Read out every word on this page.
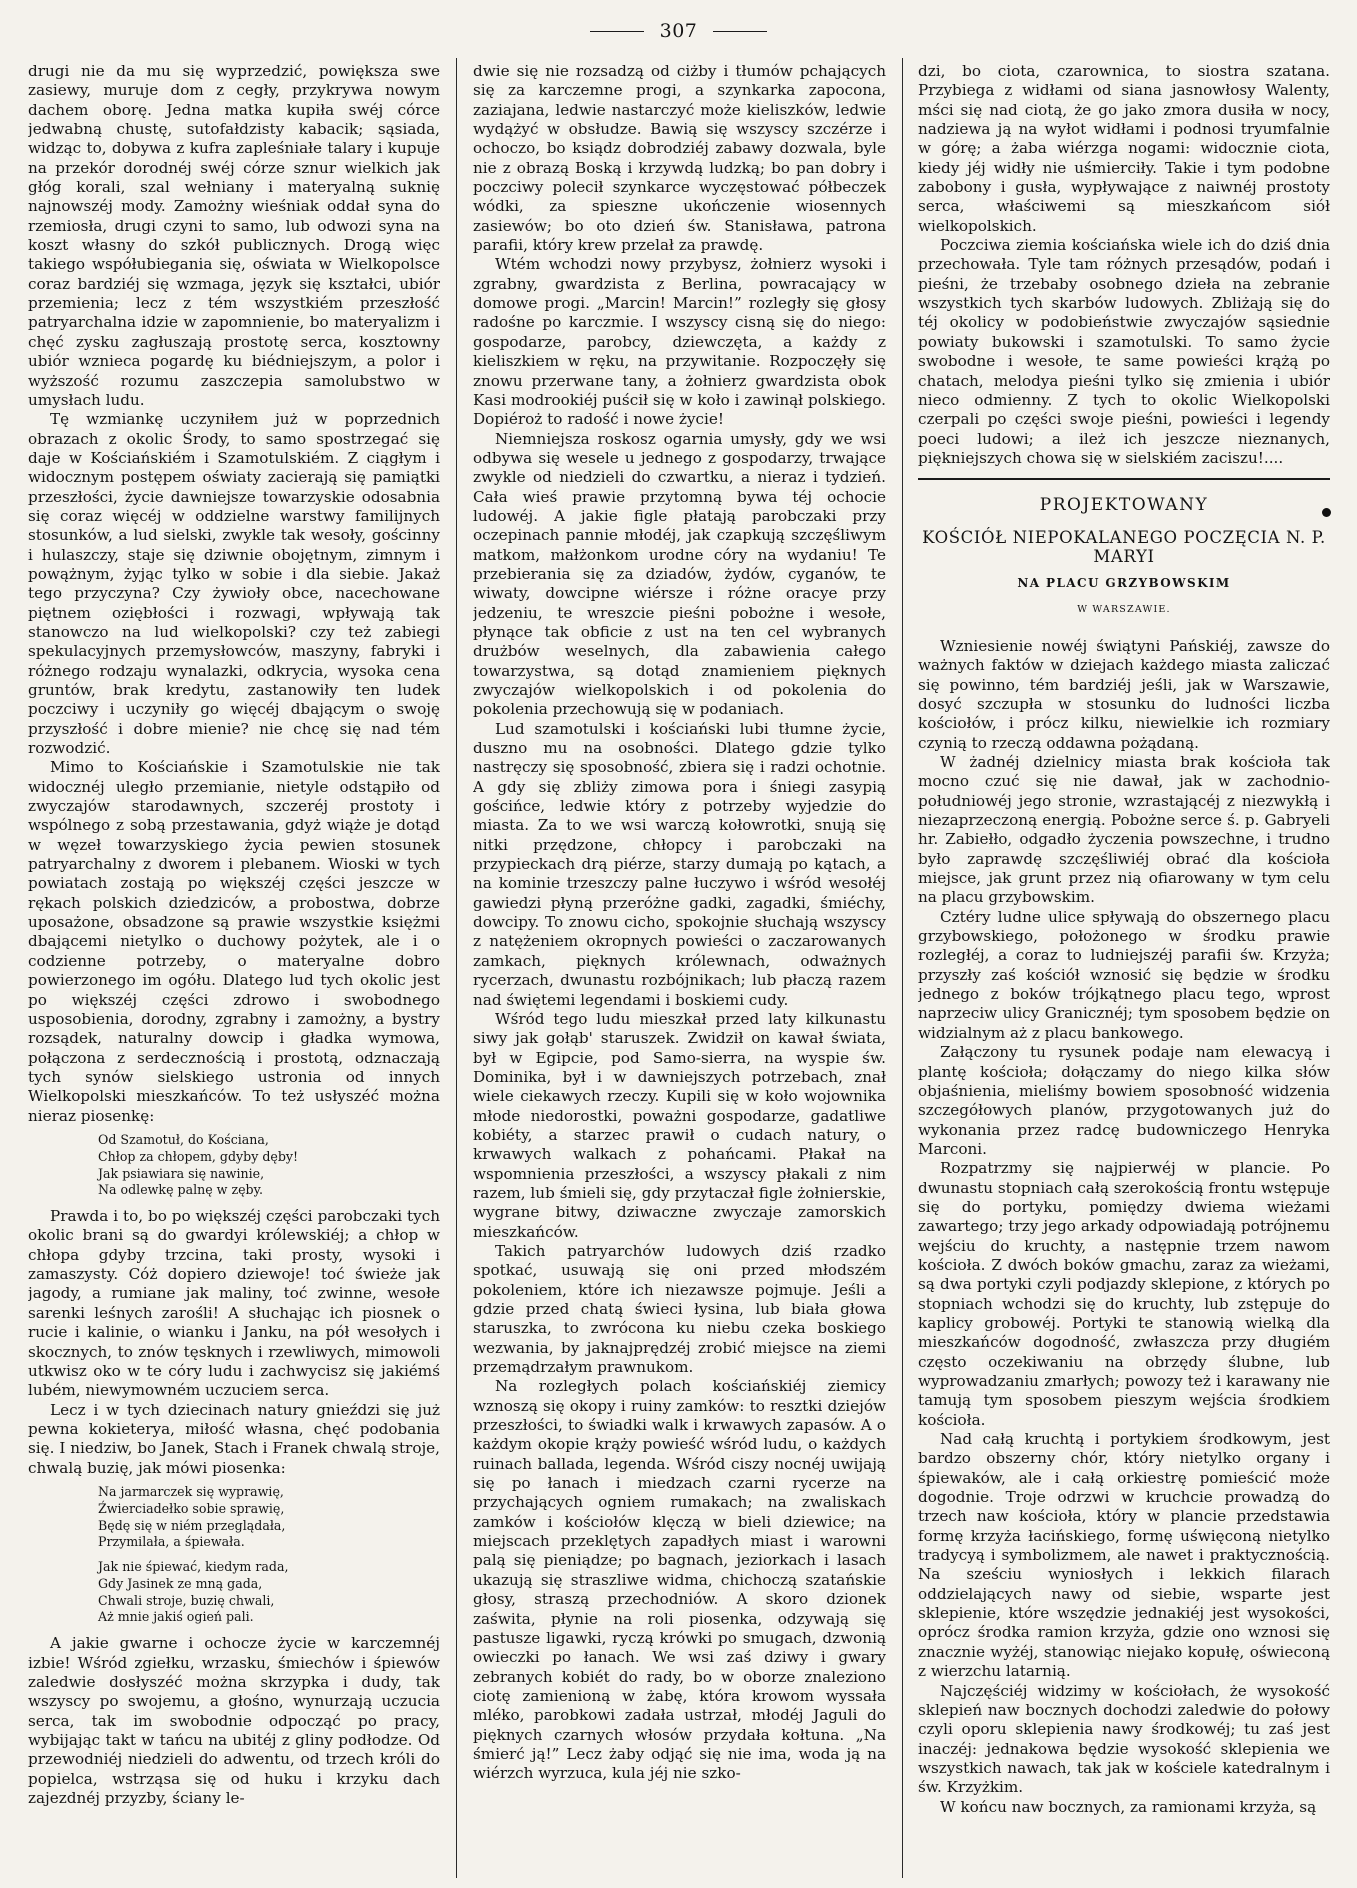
307

drugi nie da mu się wyprzedzić, powiększa swe zasiewy, muruje dom z cegły, przykrywa nowym dachem oborę. Jedna matka kupiła swéj córce jedwabną chustę, sutofałdzisty kabacik; sąsiada, widząc to, dobywa z kufra zapleśniałe talary i kupuje na przekór dorodnéj swéj córze sznur wielkich jak głóg korali, szal wełniany i materyalną suknię najnowszéj mody. Zamożny wieśniak oddał syna do rzemiosła, drugi czyni to samo, lub odwozi syna na koszt własny do szkół publicznych. Drogą więc takiego współubiegania się, oświata w Wielkopolsce coraz bardziéj się wzmaga, język się kształci, ubiór przemienia; lecz z tém wszystkiém przeszłość patryarchalna idzie w zapomnienie, bo materyalizm i chęć zysku zagłuszają prostotę serca, kosztowny ubiór wznieca pogardę ku biédniejszym, a polor i wyższość rozumu zaszczepia samolubstwo w umysłach ludu.

Tę wzmiankę uczyniłem już w poprzednich obrazach z okolic Środy, to samo spostrzegać się daje w Kościańskiém i Szamotulskiém. Z ciągłym i widocznym postępem oświaty zacierają się pamiątki przeszłości, życie dawniejsze towarzyskie odosabnia się coraz więcéj w oddzielne warstwy familijnych stosunków, a lud sielski, zwykle tak wesoły, gościnny i hulaszczy, staje się dziwnie obojętnym, zimnym i powążnym, żyjąc tylko w sobie i dla siebie. Jakaż tego przyczyna? Czy żywioły obce, nacechowane piętnem oziębłości i rozwagi, wpływają tak stanowczo na lud wielkopolski? czy też zabiegi spekulacyjnych przemysłowców, maszyny, fabryki i różnego rodzaju wynalazki, odkrycia, wysoka cena gruntów, brak kredytu, zastanowiły ten ludek poczciwy i uczyniły go więcéj dbającym o swoję przyszłość i dobre mienie? nie chcę się nad tém rozwodzić.

Mimo to Kościańskie i Szamotulskie nie tak widocznéj uległo przemianie, nietyle odstąpiło od zwyczajów starodawnych, szczeréj prostoty i wspólnego z sobą przestawania, gdyż wiąże je dotąd w węzeł towarzyskiego życia pewien stosunek patryarchalny z dworem i plebanem. Wioski w tych powiatach zostają po większéj części jeszcze w rękach polskich dziedziców, a probostwa, dobrze uposażone, obsadzone są prawie wszystkie księżmi dbającemi nietylko o duchowy pożytek, ale i o codzienne potrzeby, o materyalne dobro powierzonego im ogółu. Dlatego lud tych okolic jest po większéj części zdrowo i swobodnego usposobienia, dorodny, zgrabny i zamożny, a bystry rozsądek, naturalny dowcip i gładka wymowa, połączona z serdecznością i prostotą, odznaczają tych synów sielskiego ustronia od innych Wielkopolski mieszkańców. To też usłyszéć można nieraz piosenkę:

Od Szamotuł, do Kościana,
Chłop za chłopem, gdyby dęby!
Jak psiawiara się nawinie,
Na odlewkę palnę w zęby.

Prawda i to, bo po większéj części parobczaki tych okolic brani są do gwardyi królewskiéj; a chłop w chłopa gdyby trzcina, taki prosty, wysoki i zamaszysty. Cóż dopiero dziewoje! toć świeże jak jagody, a rumiane jak maliny, toć zwinne, wesołe sarenki leśnych zarośli! A słuchając ich piosnek o rucie i kalinie, o wianku i Janku, na pół wesołych i skocznych, to znów tęsknych i rzewliwych, mimowoli utkwisz oko w te córy ludu i zachwycisz się jakiémś lubém, niewymowném uczuciem serca.

Lecz i w tych dziecinach natury gnieździ się już pewna kokieterya, miłość własna, chęć podobania się. I niedziw, bo Janek, Stach i Franek chwalą stroje, chwalą buzię, jak mówi piosenka:

Na jarmarczek się wyprawię,
Źwierciadełko sobie sprawię,
Będę się w niém przeglądała,
Przymilała, a śpiewała.
Jak nie śpiewać, kiedym rada,
Gdy Jasinek ze mną gada,
Chwali stroje, buzię chwali,
Aż mnie jakiś ogień pali.

A jakie gwarne i ochocze życie w karczemnéj izbie! Wśród zgiełku, wrzasku, śmiechów i śpiewów zaledwie dosłyszéć można skrzypka i dudy, tak wszyscy po swojemu, a głośno, wynurzają uczucia serca, tak im swobodnie odpocząć po pracy, wybijając takt w tańcu na ubitéj z gliny podłodze. Od przewodniéj niedzieli do adwentu, od trzech króli do popielca, wstrząsa się od huku i krzyku dach zajezdnéj przyzby, ściany le-

dwie się nie rozsadzą od ciżby i tłumów pchających się za karczemne progi, a szynkarka zapocona, zaziajana, ledwie nastarczyć może kieliszków, ledwie wydążyć w obsłudze. Bawią się wszyscy szczérze i ochoczo, bo ksiądz dobrodziéj zabawy dozwala, byle nie z obrazą Boską i krzywdą ludzką; bo pan dobry i poczciwy polecił szynkarce wyczęstować półbeczek wódki, za spieszne ukończenie wiosennych zasiewów; bo oto dzień św. Stanisława, patrona parafii, który krew przelał za prawdę.

Wtém wchodzi nowy przybysz, żołnierz wysoki i zgrabny, gwardzista z Berlina, powracający w domowe progi. „Marcin! Marcin!” rozległy się głosy radośne po karczmie. I wszyscy cisną się do niego: gospodarze, parobcy, dziewczęta, a każdy z kieliszkiem w ręku, na przywitanie. Rozpoczęły się znowu przerwane tany, a żołnierz gwardzista obok Kasi modrookiéj puścił się w koło i zawinął polskiego. Dopiéroż to radość i nowe życie!

Niemniejsza roskosz ogarnia umysły, gdy we wsi odbywa się wesele u jednego z gospodarzy, trwające zwykle od niedzieli do czwartku, a nieraz i tydzień. Cała wieś prawie przytomną bywa téj ochocie ludowéj. A jakie figle płatają parobczaki przy oczepinach pannie młodéj, jak czapkują szczęśliwym matkom, małżonkom urodne córy na wydaniu! Te przebierania się za dziadów, żydów, cyganów, te wiwaty, dowcipne wiérsze i różne oracye przy jedzeniu, te wreszcie pieśni pobożne i wesołe, płynące tak obficie z ust na ten cel wybranych drużbów weselnych, dla zabawienia całego towarzystwa, są dotąd znamieniem pięknych zwyczajów wielkopolskich i od pokolenia do pokolenia przechowują się w podaniach.

Lud szamotulski i kościański lubi tłumne życie, duszno mu na osobności. Dlatego gdzie tylko nastręczy się sposobność, zbiera się i radzi ochotnie. A gdy się zbliży zimowa pora i śniegi zasypią gościńce, ledwie który z potrzeby wyjedzie do miasta. Za to we wsi warczą kołowrotki, snują się nitki przędzone, chłopcy i parobczaki na przypieckach drą piérze, starzy dumają po kątach, a na kominie trzeszczy palne łuczywo i wśród wesołéj gawiedzi płyną przeróżne gadki, zagadki, śmiéchy, dowcipy. To znowu cicho, spokojnie słuchają wszyscy z natężeniem okropnych powieści o zaczarowanych zamkach, pięknych królewnach, odważnych rycerzach, dwunastu rozbójnikach; lub płaczą razem nad świętemi legendami i boskiemi cudy.

Wśród tego ludu mieszkał przed laty kilkunastu siwy jak gołąb' staruszek. Zwidził on kawał świata, był w Egipcie, pod Samo-sierra, na wyspie św. Dominika, był i w dawniejszych potrzebach, znał wiele ciekawych rzeczy. Kupili się w koło wojownika młode niedorostki, poważni gospodarze, gadatliwe kobiéty, a starzec prawił o cudach natury, o krwawych walkach z pohańcami. Płakał na wspomnienia przeszłości, a wszyscy płakali z nim razem, lub śmieli się, gdy przytaczał figle żołnierskie, wygrane bitwy, dziwaczne zwyczaje zamorskich mieszkańców.

Takich patryarchów ludowych dziś rzadko spotkać, usuwają się oni przed młodszém pokoleniem, które ich niezawsze pojmuje. Jeśli a gdzie przed chatą świeci łysina, lub biała głowa staruszka, to zwrócona ku niebu czeka boskiego wezwania, by jaknajprędzéj zrobić miejsce na ziemi przemądrzałym prawnukom.

Na rozległych polach kościańskiéj ziemicy wznoszą się okopy i ruiny zamków: to resztki dziejów przeszłości, to świadki walk i krwawych zapasów. A o każdym okopie krąży powieść wśród ludu, o każdych ruinach ballada, legenda. Wśród ciszy nocnéj uwijają się po łanach i miedzach czarni rycerze na przychających ogniem rumakach; na zwaliskach zamków i kościołów klęczą w bieli dziewice; na miejscach przeklętych zapadłych miast i warowni palą się pieniądze; po bagnach, jeziorkach i lasach ukazują się straszliwe widma, chichoczą szatańskie głosy, straszą przechodniów. A skoro dzionek zaświta, płynie na roli piosenka, odzywają się pastusze ligawki, ryczą krówki po smugach, dzwonią owieczki po łanach. We wsi zaś dziwy i gwary zebranych kobiét do rady, bo w oborze znaleziono ciotę zamienioną w żabę, która krowom wyssała mléko, parobkowi zadała ustrzał, młodéj Jaguli do pięknych czarnych włosów przydała kołtuna. „Na śmierć ją!” Lecz żaby odjąć się nie ima, woda ją na wiérzch wyrzuca, kula jéj nie szko-

dzi, bo ciota, czarownica, to siostra szatana. Przybiega z widłami od siana jasnowłosy Walenty, mści się nad ciotą, że go jako zmora dusiła w nocy, nadziewa ją na wyłot widłami i podnosi tryumfalnie w górę; a żaba wiérzga nogami: widocznie ciota, kiedy jéj widły nie uśmierciły. Takie i tym podobne zabobony i gusła, wypływające z naiwnéj prostoty serca, właściwemi są mieszkańcom siół wielkopolskich.

Poczciwa ziemia kościańska wiele ich do dziś dnia przechowała. Tyle tam różnych przesądów, podań i pieśni, że trzebaby osobnego dzieła na zebranie wszystkich tych skarbów ludowych. Zbliżają się do téj okolicy w podobieństwie zwyczajów sąsiednie powiaty bukowski i szamotulski. To samo życie swobodne i wesołe, te same powieści krążą po chatach, melodya pieśni tylko się zmienia i ubiór nieco odmienny. Z tych to okolic Wielkopolski czerpali po części swoje pieśni, powieści i legendy poeci ludowi; a ileż ich jeszcze nieznanych, piękniejszych chowa się w sielskiém zaciszu!....

PROJEKTOWANY
KOŚCIÓŁ NIEPOKALANEGO POCZĘCIA N. P. MARYI
NA PLACU GRZYBOWSKIM
W WARSZAWIE.

Wzniesienie nowéj świątyni Pańskiéj, zawsze do ważnych faktów w dziejach każdego miasta zaliczać się powinno, tém bardziéj jeśli, jak w Warszawie, dosyć szczupła w stosunku do ludności liczba kościołów, i prócz kilku, niewielkie ich rozmiary czynią to rzeczą oddawna pożądaną.

W żadnéj dzielnicy miasta brak kościoła tak mocno czuć się nie dawał, jak w zachodnio-południowéj jego stronie, wzrastającéj z niezwykłą i niezaprzeczoną energią. Pobożne serce ś. p. Gabryeli hr. Zabiełło, odgadło życzenia powszechne, i trudno było zaprawdę szczęśliwiéj obrać dla kościoła miejsce, jak grunt przez nią ofiarowany w tym celu na placu grzybowskim.

Cztéry ludne ulice spływają do obszernego placu grzybowskiego, położonego w środku prawie rozległéj, a coraz to ludniejszéj parafii św. Krzyża; przyszły zaś kościół wznosić się będzie w środku jednego z boków trójkątnego placu tego, wprost naprzeciw ulicy Granicznéj; tym sposobem będzie on widzialnym aż z placu bankowego.

Załączony tu rysunek podaje nam elewacyą i plantę kościoła; dołączamy do niego kilka słów objaśnienia, mieliśmy bowiem sposobność widzenia szczegółowych planów, przygotowanych już do wykonania przez radcę budowniczego Henryka Marconi.

Rozpatrzmy się najpierwéj w plancie. Po dwunastu stopniach całą szerokością frontu wstępuje się do portyku, pomiędzy dwiema wieżami zawartego; trzy jego arkady odpowiadają potrójnemu wejściu do kruchty, a następnie trzem nawom kościoła. Z dwóch boków gmachu, zaraz za wieżami, są dwa portyki czyli podjazdy sklepione, z których po stopniach wchodzi się do kruchty, lub zstępuje do kaplicy grobowéj. Portyki te stanowią wielką dla mieszkańców dogodność, zwłaszcza przy długiém często oczekiwaniu na obrzędy ślubne, lub wyprowadzaniu zmarłych; powozy też i karawany nie tamują tym sposobem pieszym wejścia środkiem kościoła.

Nad całą kruchtą i portykiem środkowym, jest bardzo obszerny chór, który nietylko organy i śpiewaków, ale i całą orkiestrę pomieścić może dogodnie. Troje odrzwi w kruchcie prowadzą do trzech naw kościoła, który w plancie przedstawia formę krzyża łacińskiego, formę uświęconą nietylko tradycyą i symbolizmem, ale nawet i praktycznością. Na sześciu wyniosłych i lekkich filarach oddzielających nawy od siebie, wsparte jest sklepienie, które wszędzie jednakiéj jest wysokości, oprócz środka ramion krzyża, gdzie ono wznosi się znacznie wyżéj, stanowiąc niejako kopułę, oświeconą z wierzchu latarnią.

Najczęściéj widzimy w kościołach, że wysokość sklepień naw bocznych dochodzi zaledwie do połowy czyli oporu sklepienia nawy środkowéj; tu zaś jest inaczéj: jednakowa będzie wysokość sklepienia we wszystkich nawach, tak jak w kościele katedralnym i św. Krzyżkim.

W końcu naw bocznych, za ramionami krzyża, są
